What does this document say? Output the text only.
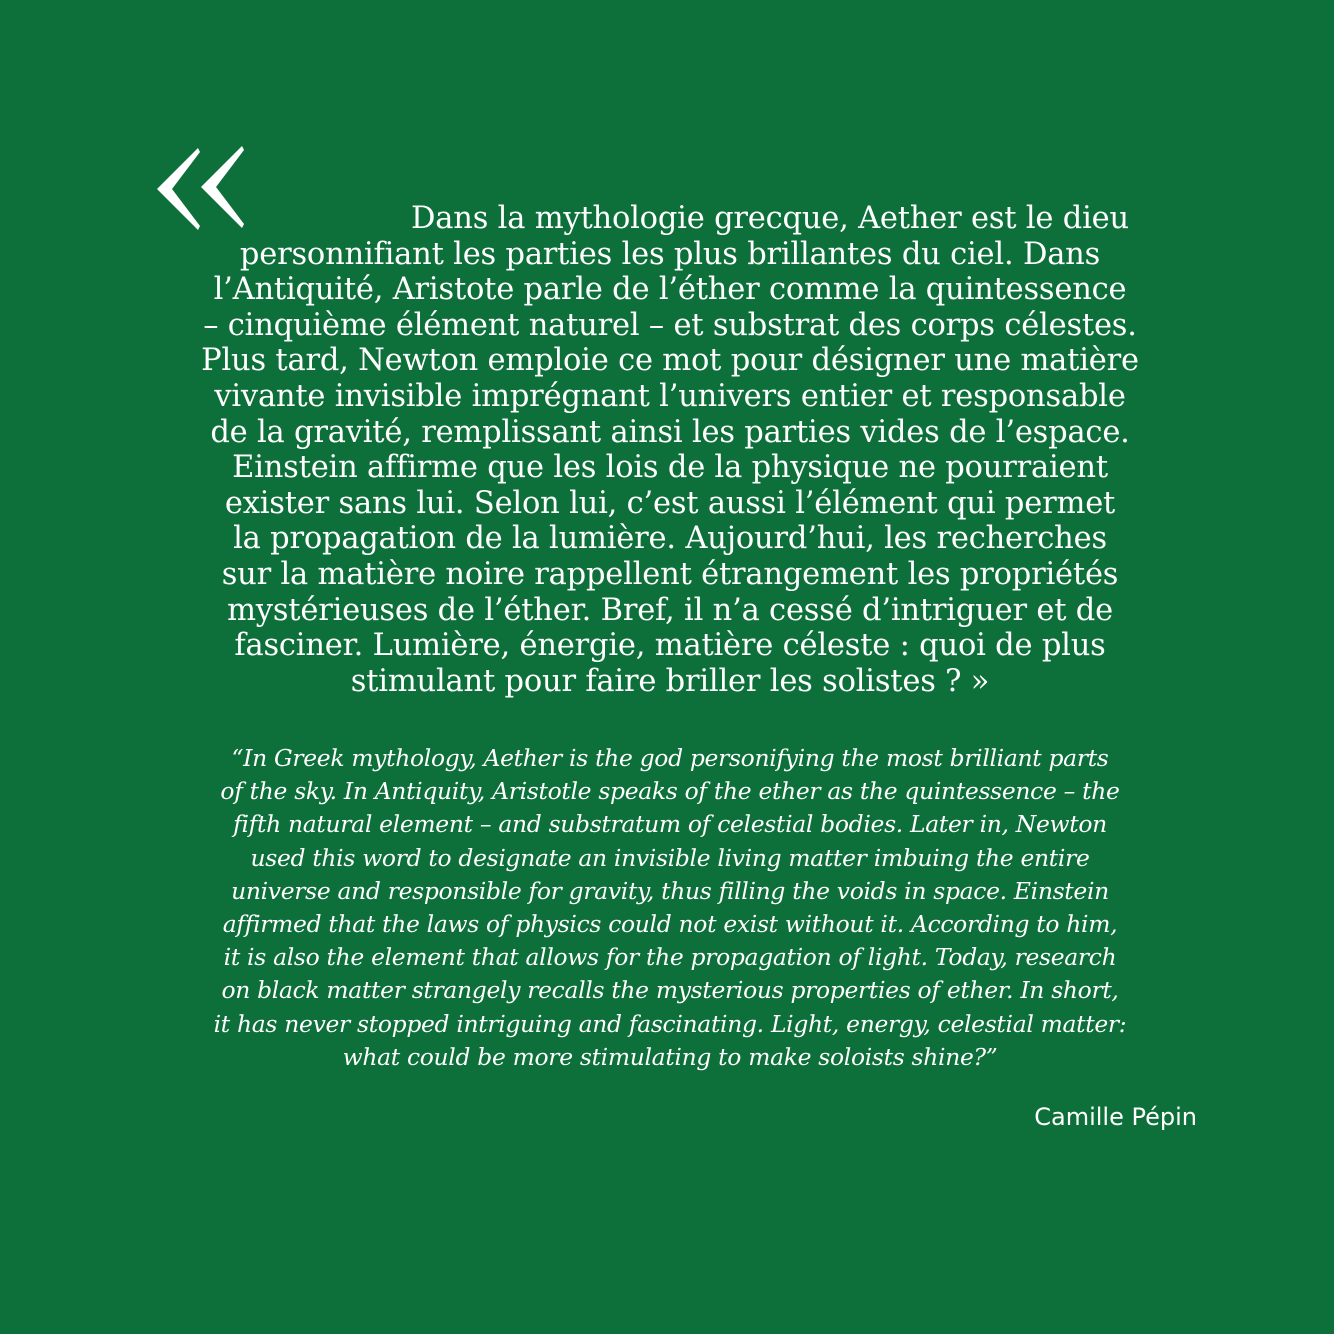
Dans la mythologie grecque, Aether est le dieu
personnifiant les parties les plus brillantes du ciel. Dans
l’Antiquité, Aristote parle de l’éther comme la quintessence
– cinquième élément naturel – et substrat des corps célestes.
Plus tard, Newton emploie ce mot pour désigner une matière
vivante invisible imprégnant l’univers entier et responsable
de la gravité, remplissant ainsi les parties vides de l’espace.
Einstein affirme que les lois de la physique ne pourraient
exister sans lui. Selon lui, c’est aussi l’élément qui permet
la propagation de la lumière. Aujourd’hui, les recherches
sur la matière noire rappellent étrangement les propriétés
mystérieuses de l’éther. Bref, il n’a cessé d’intriguer et de
fasciner. Lumière, énergie, matière céleste : quoi de plus
stimulant pour faire briller les solistes ? »

“In Greek mythology, Aether is the god personifying the most brilliant parts
of the sky. In Antiquity, Aristotle speaks of the ether as the quintessence – the
fifth natural element – and substratum of celestial bodies. Later in, Newton
used this word to designate an invisible living matter imbuing the entire
universe and responsible for gravity, thus filling the voids in space. Einstein
affirmed that the laws of physics could not exist without it. According to him,
it is also the element that allows for the propagation of light. Today, research
on black matter strangely recalls the mysterious properties of ether. In short,
it has never stopped intriguing and fascinating. Light, energy, celestial matter:
what could be more stimulating to make soloists shine?”

Camille Pépin
